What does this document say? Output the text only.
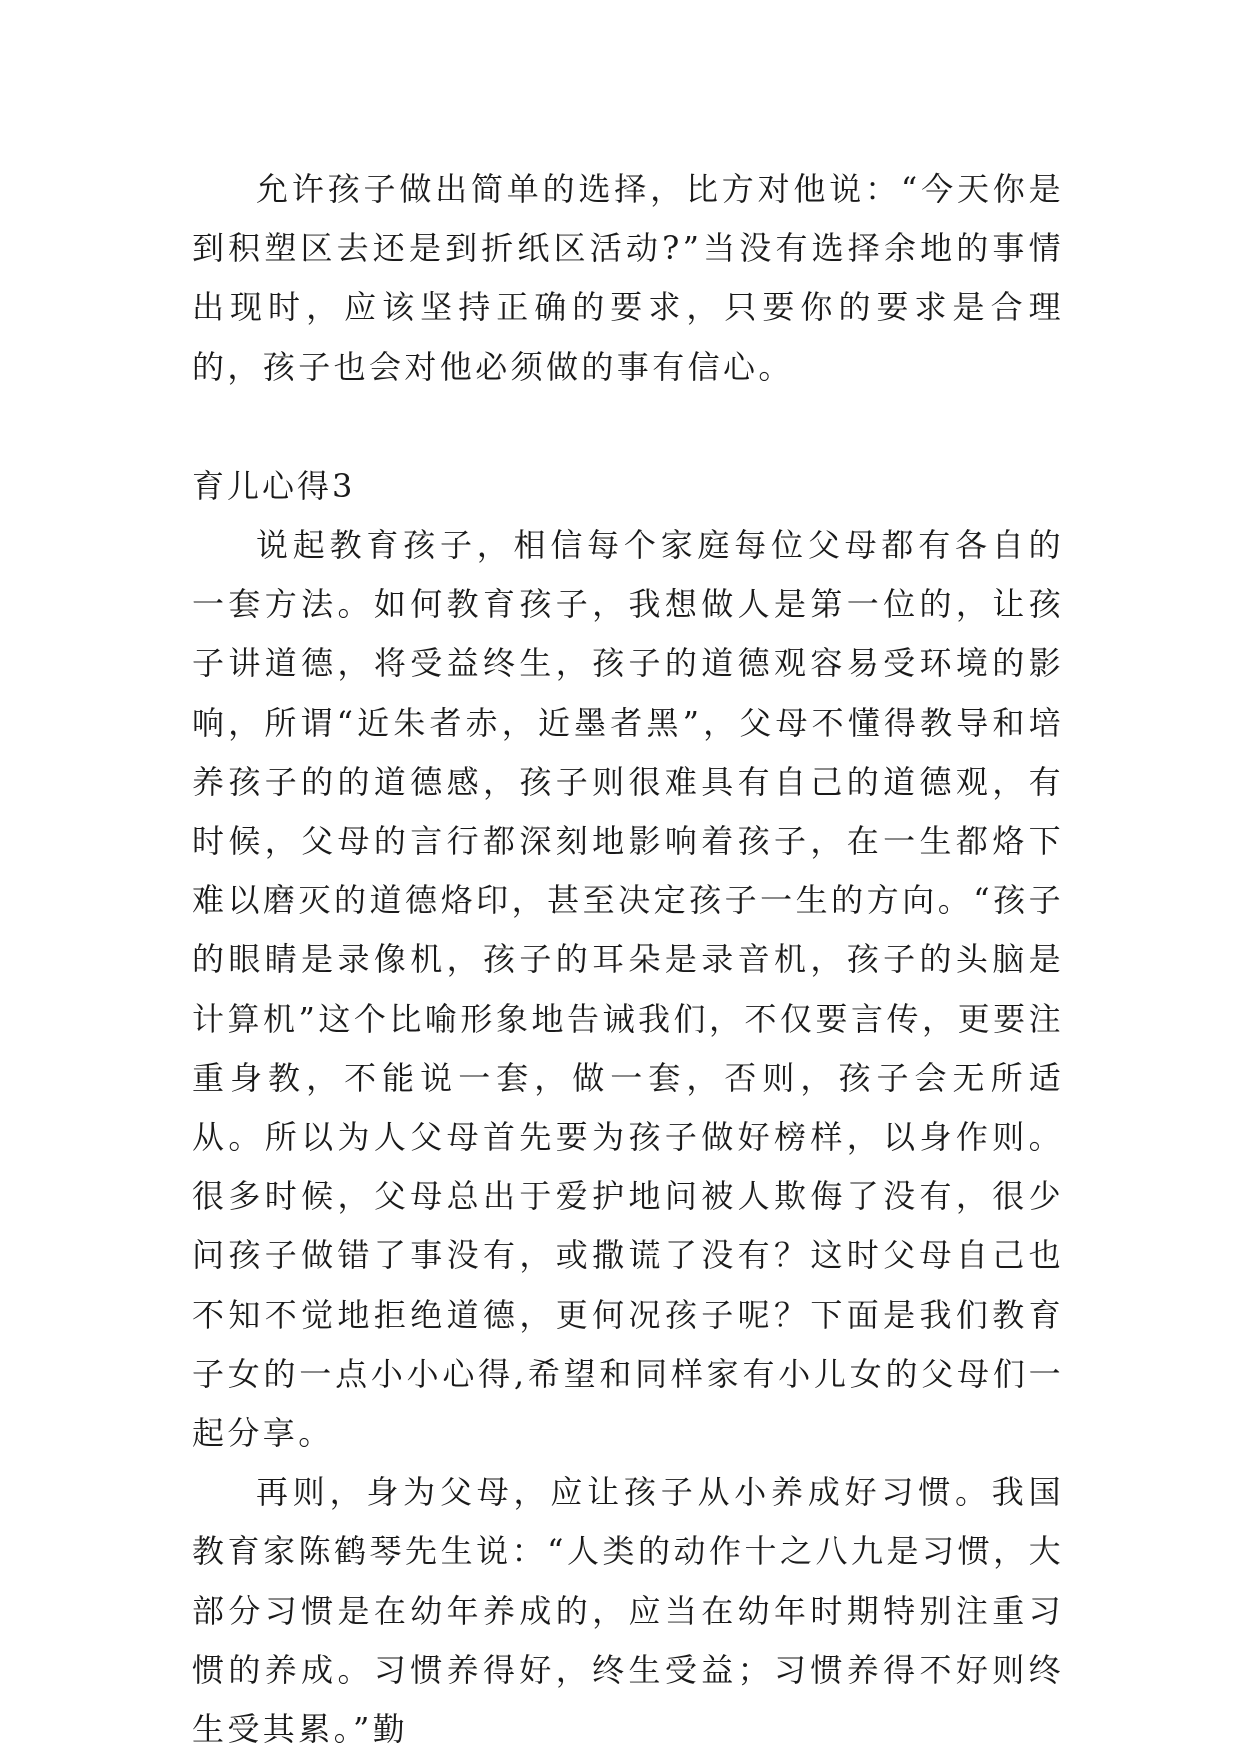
允许孩子做出简单的选择，比方对他说：“今天你是到积塑区去还是到折纸区活动?”当没有选择余地的事情出现时，应该坚持正确的要求，只要你的要求是合理的，孩子也会对他必须做的事有信心。

育儿心得3

说起教育孩子，相信每个家庭每位父母都有各自的一套方法。如何教育孩子，我想做人是第一位的，让孩子讲道德，将受益终生，孩子的道德观容易受环境的影响，所谓“近朱者赤，近墨者黑”，父母不懂得教导和培养孩子的的道德感，孩子则很难具有自己的道德观，有时候，父母的言行都深刻地影响着孩子，在一生都烙下难以磨灭的道德烙印，甚至决定孩子一生的方向。“孩子的眼睛是录像机，孩子的耳朵是录音机，孩子的头脑是计算机”这个比喻形象地告诫我们，不仅要言传，更要注重身教，不能说一套，做一套，否则，孩子会无所适从。所以为人父母首先要为孩子做好榜样，以身作则。很多时候，父母总出于爱护地问被人欺侮了没有，很少问孩子做错了事没有，或撒谎了没有？这时父母自己也不知不觉地拒绝道德，更何况孩子呢？下面是我们教育子女的一点小小心得,希望和同样家有小儿女的父母们一起分享。

再则，身为父母，应让孩子从小养成好习惯。我国教育家陈鹤琴先生说：“人类的动作十之八九是习惯，大部分习惯是在幼年养成的，应当在幼年时期特别注重习惯的养成。习惯养得好，终生受益；习惯养得不好则终生受其累。”勤
